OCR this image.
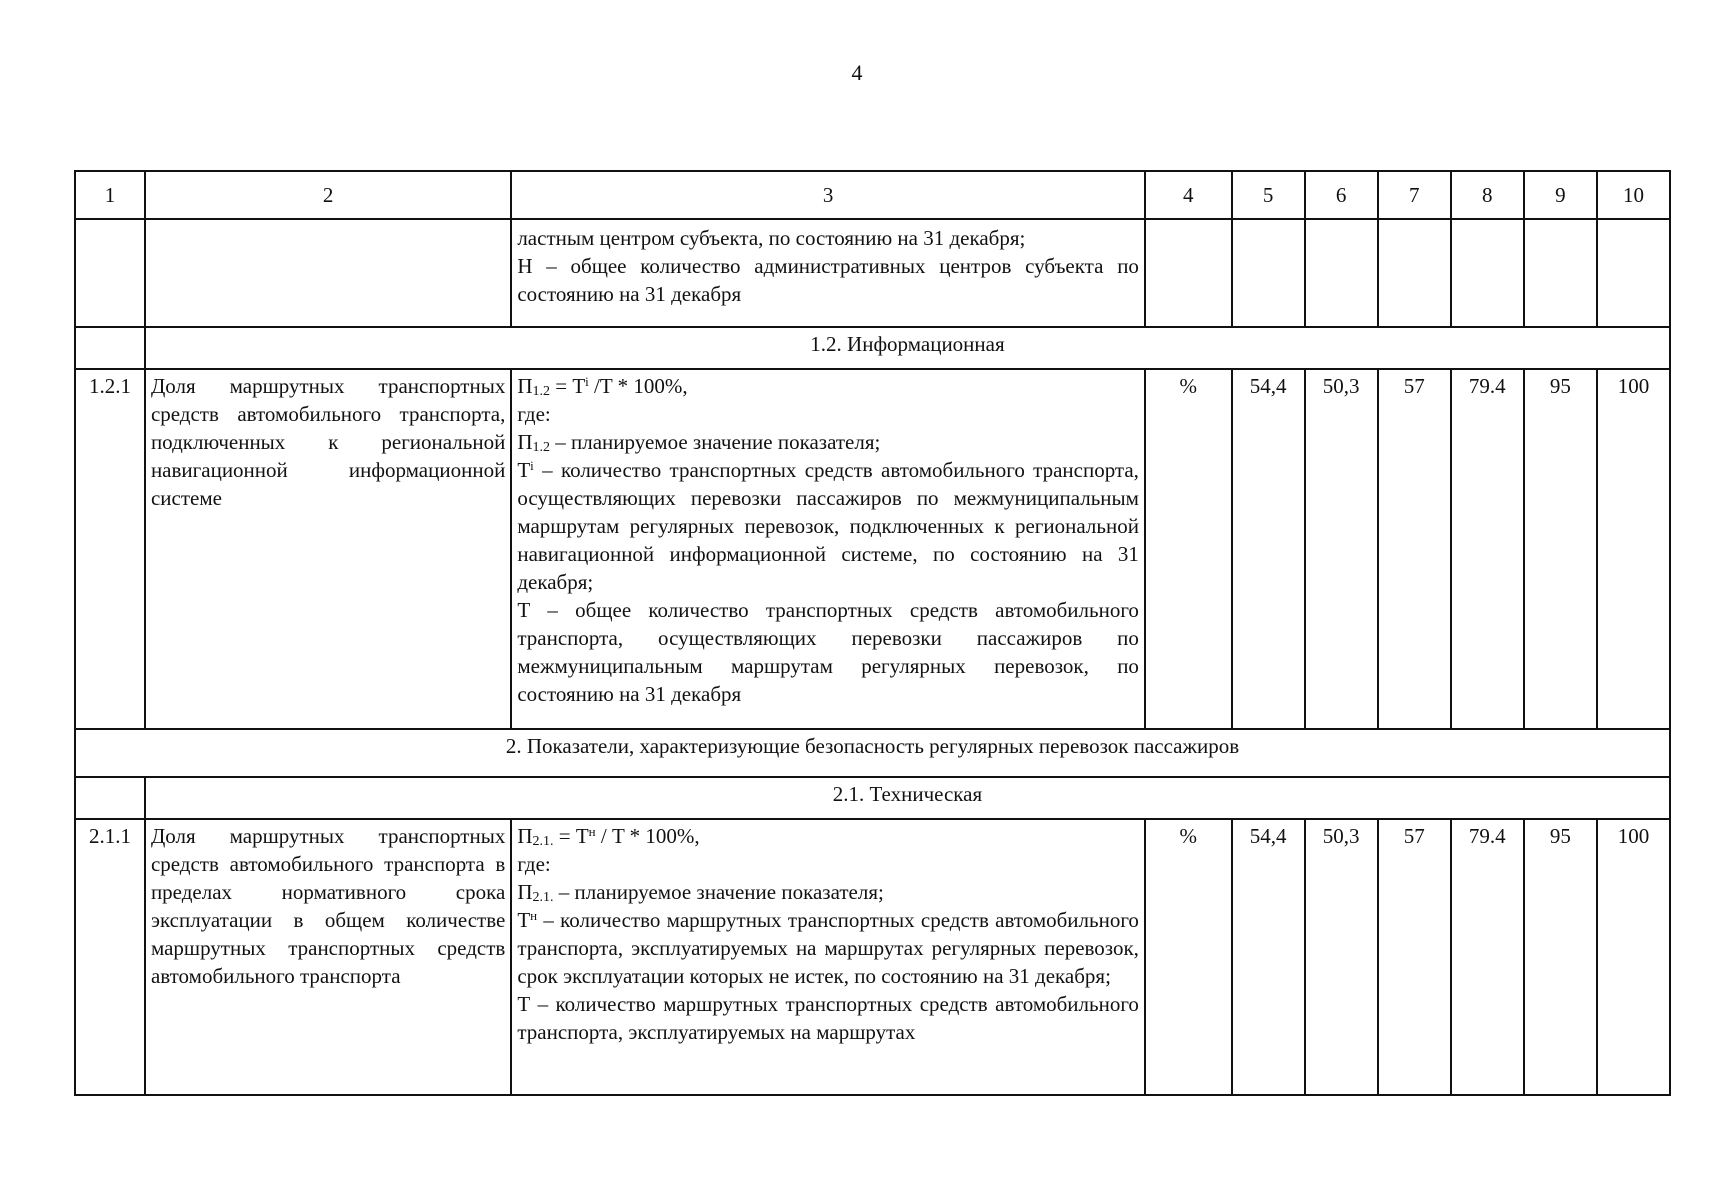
4
1	2	3	4	5	6	7	8	9	10

		ластным центром субъекта, по состоянию на 31 декабря;
Н – общее количество административных центров субъекта по состоянию на 31 декабря							

	1.2. Информационная								
1.2.1	Доля маршрутных транспортных средств автомобильного транспорта, подключенных к региональной навигационной информационной системе	$П_{1.2} = T^i$ /T * 100%,
где:
$П_{1.2}$ – планируемое значение показателя;
$T^i$ – количество транспортных средств автомобильного транспорта, осуществляющих перевозки пассажиров по межмуниципальным маршрутам регулярных перевозок, подключенных к региональной навигационной информационной системе, по состоянию на 31 декабря;
Т – общее количество транспортных средств автомобильного транспорта, осуществляющих перевозки пассажиров по межмуниципальным маршрутам регулярных перевозок, по состоянию на 31 декабря	%	54,4	50,3	57	79.4	95	100
2. Показатели, характеризующие безопасность регулярных перевозок пассажиров									
	2.1. Техническая								
2.1.1	Доля маршрутных транспортных средств автомобильного транспорта в пределах нормативного срока эксплуатации в общем количестве маршрутных транспортных средств автомобильного транспорта	$П_{2.1.} = T^н / T * 100\%$,
где:
$П_{2.1.}$ – планируемое значение показателя;
$T^н$ – количество маршрутных транспортных средств автомобильного транспорта, эксплуатируемых на маршрутах регулярных перевозок, срок эксплуатации которых не истек, по состоянию на 31 декабря;
Т – количество маршрутных транспортных средств автомобильного транспорта, эксплуатируемых на маршрутах	%	54,4	50,3	57	79.4	95	100
